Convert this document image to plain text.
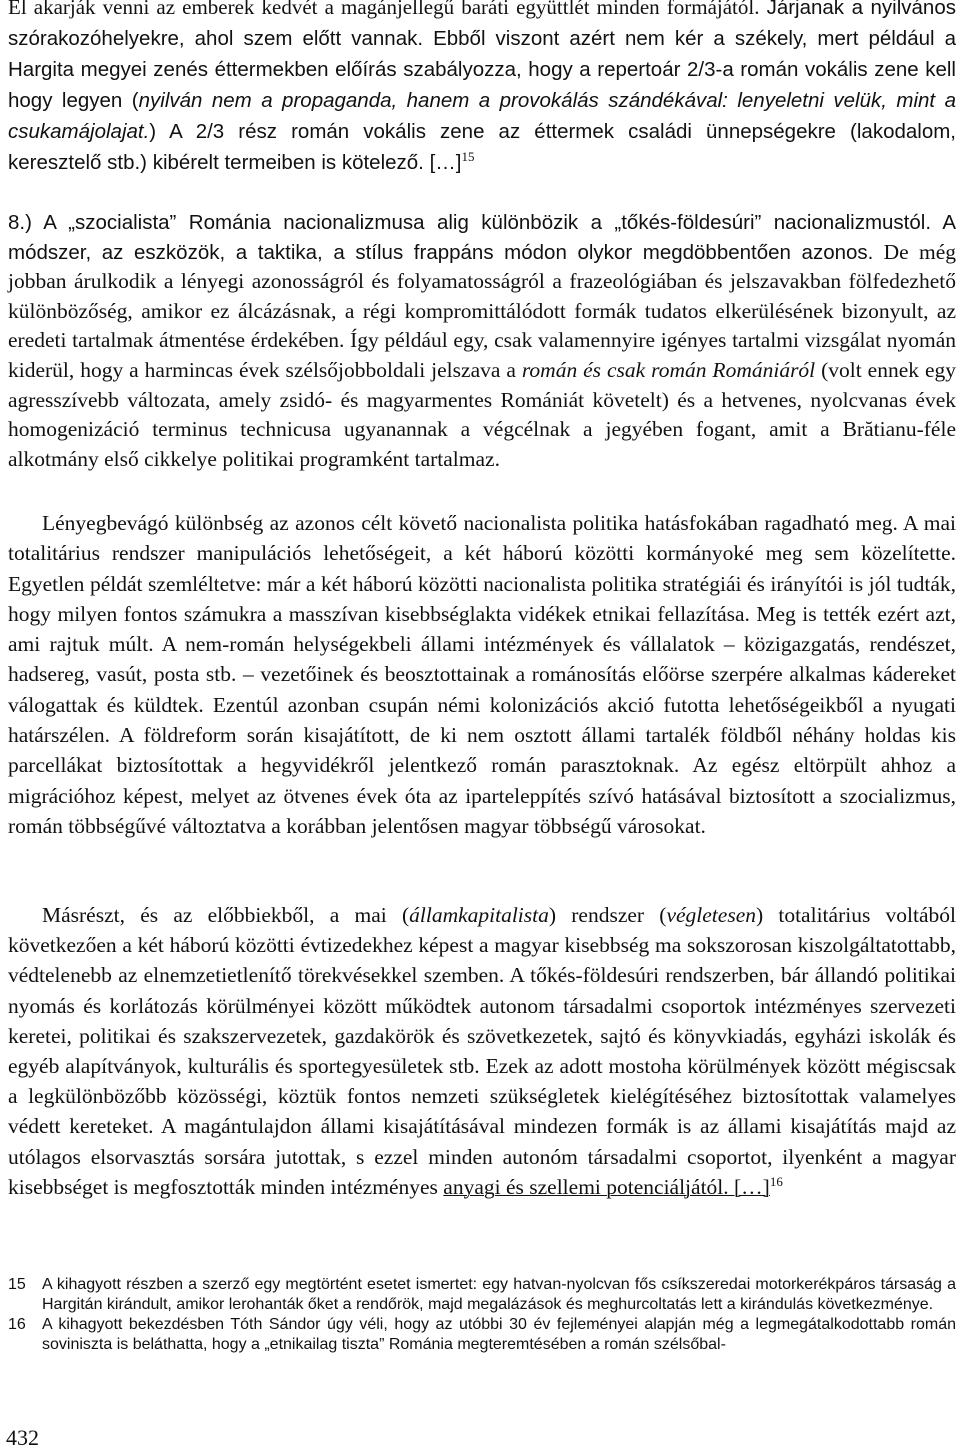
El akarják venni az emberek kedvét a magánjellegű baráti együttlét minden formájától. Járjanak a nyilvános szórakozóhelyekre, ahol szem előtt vannak. Ebből viszont azért nem kér a székely, mert például a Hargita megyei zenés éttermekben előírás szabályozza, hogy a repertoár 2/3-a román vokális zene kell hogy legyen (nyilván nem a propaganda, hanem a provokálás szándékával: lenyeletni velük, mint a csukamájolajat.) A 2/3 rész román vokális zene az éttermek családi ünnepségekre (lakodalom, keresztelő stb.) kibérelt termeiben is kötelező. […]$^{15}$

8.) A „szocialista” Románia nacionalizmusa alig különbözik a „tőkés-földesúri” nacionalizmustól. A módszer, az eszközök, a taktika, a stílus frappáns módon olykor megdöbbentően azonos. De még jobban árulkodik a lényegi azonosságról és folyamatosságról a frazeológiában és jelszavakban fölfedezhető különbözőség, amikor ez álcázásnak, a régi kompromittálódott formák tudatos elkerülésének bizonyult, az eredeti tartalmak átmentése érdekében. Így például egy, csak valamennyire igényes tartalmi vizsgálat nyomán kiderül, hogy a harmincas évek szélsőjobboldali jelszava a román és csak román Romániáról (volt ennek egy agresszívebb változata, amely zsidó- és magyarmentes Romániát követelt) és a hetvenes, nyolcvanas évek homogenizáció terminus technicusa ugyanannak a végcélnak a jegyében fogant, amit a Brătianu-féle alkotmány első cikkelye politikai programként tartalmaz.

Lényegbevágó különbség az azonos célt követő nacionalista politika hatásfokában ragadható meg. A mai totalitárius rendszer manipulációs lehetőségeit, a két háború közötti kormányoké meg sem közelítette. Egyetlen példát szemléltetve: már a két háború közötti nacionalista politika stratégiái és irányítói is jól tudták, hogy milyen fontos számukra a masszívan kisebbséglakta vidékek etnikai fellazítása. Meg is tették ezért azt, ami rajtuk múlt. A nem-román helységekbeli állami intézmények és vállalatok – közigazgatás, rendészet, hadsereg, vasút, posta stb. – vezetőinek és beosztottainak a románosítás előörse szerpére alkalmas kádereket válogattak és küldtek. Ezentúl azonban csupán némi kolonizációs akció futotta lehetőségeikből a nyugati határszélen. A földreform során kisajátított, de ki nem osztott állami tartalék földből néhány holdas kis parcellákat biztosítottak a hegyvidékről jelentkező román parasztoknak. Az egész eltörpült ahhoz a migrációhoz képest, melyet az ötvenes évek óta az iparteleppítés szívó hatásával biztosított a szocializmus, román többségűvé változtatva a korábban jelentősen magyar többségű városokat.

Másrészt, és az előbbiekből, a mai (államkapitalista) rendszer (végletesen) totalitárius voltából következően a két háború közötti évtizedekhez képest a magyar kisebbség ma sokszorosan kiszolgáltatottabb, védtelenebb az elnemzetietlenítő törekvésekkel szemben. A tőkés-földesúri rendszerben, bár állandó politikai nyomás és korlátozás körülményei között működtek autonom társadalmi csoportok intézményes szervezeti keretei, politikai és szakszervezetek, gazdakörök és szövetkezetek, sajtó és könyvkiadás, egyházi iskolák és egyéb alapítványok, kulturális és sportegyesületek stb. Ezek az adott mostoha körülmények között mégiscsak a legkülönbözőbb közösségi, köztük fontos nemzeti szükségletek kielégítéséhez biztosítottak valamelyes védett kereteket. A magántulajdon állami kisajátításával mindezen formák is az állami kisajátítás majd az utólagos elsorvasztás sorsára jutottak, s ezzel minden autonóm társadalmi csoportot, ilyenként a magyar kisebbséget is megfosztották minden intézményes anyagi és szellemi potenciáljától. […]$^{16}$

15	A kihagyott részben a szerző egy megtörtént esetet ismertet: egy hatvan-nyolcvan fős csíkszeredai motorkerékpáros társaság a Hargitán kirándult, amikor lerohanták őket a rendőrök, majd megalázások és meghurcoltatás lett a kirándulás következménye.
16	A kihagyott bekezdésben Tóth Sándor úgy véli, hogy az utóbbi 30 év fejleményei alapján még a legmegátalkodottabb román soviniszta is beláthatta, hogy a „etnikailag tiszta” Románia megteremtésében a román szélsőbal-
432
